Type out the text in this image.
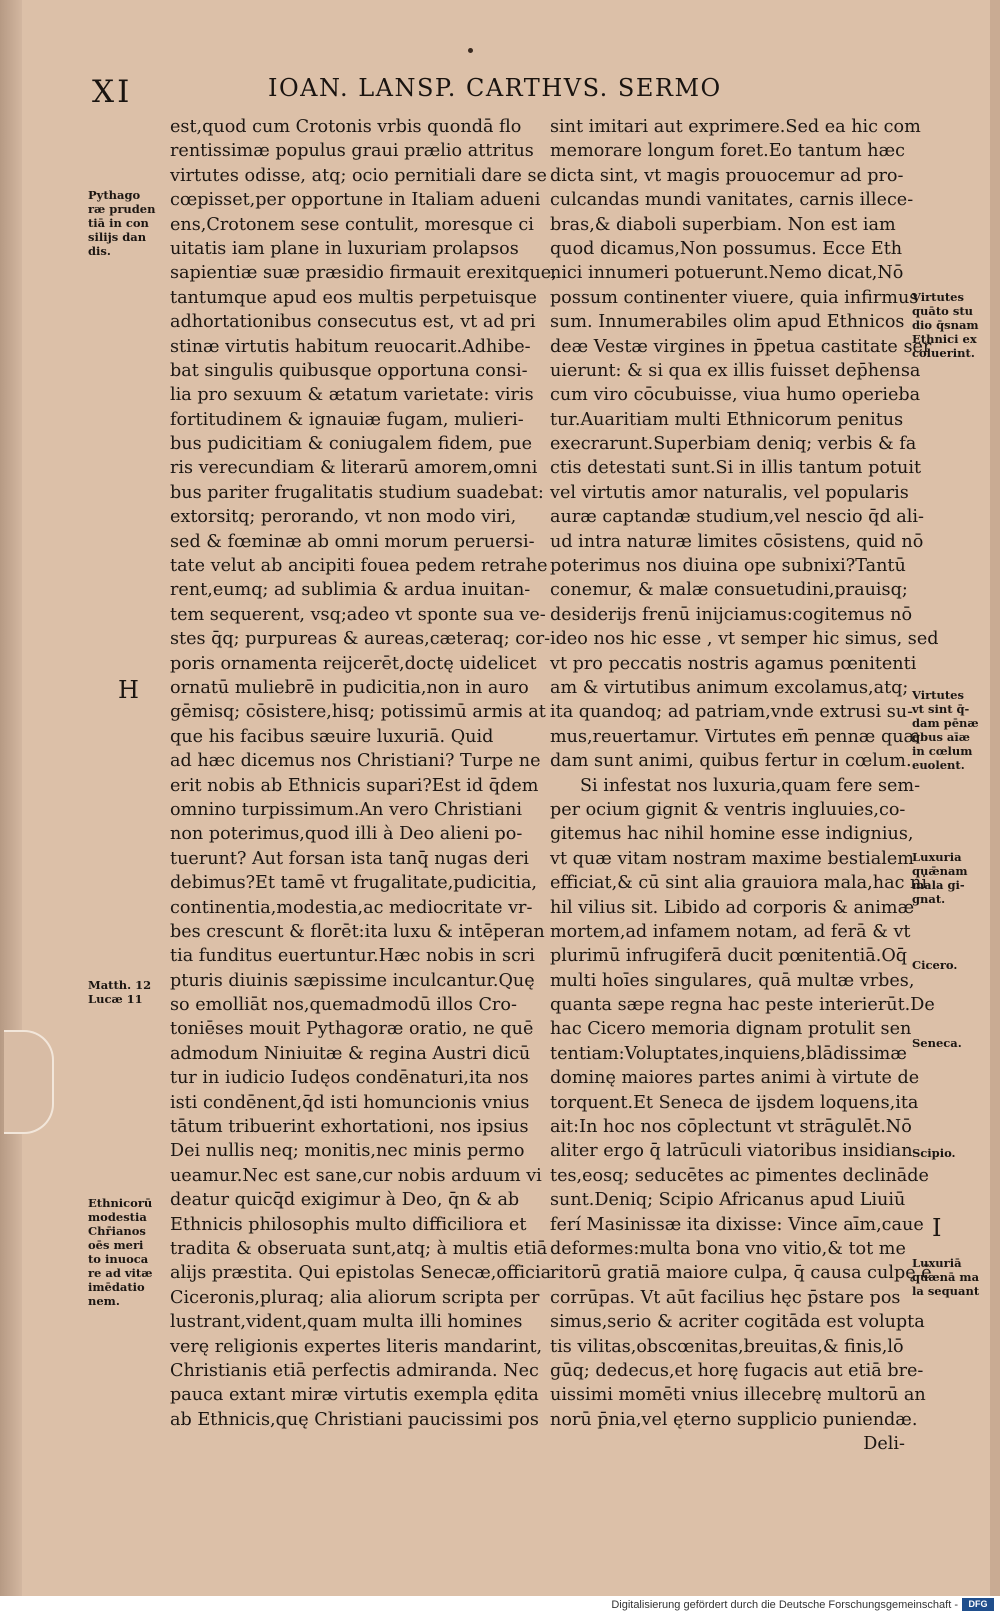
XI	IOAN. LANSP. CARTHVS. SERMO
est,quod cum Crotonis vrbis quondā flo
rentissimæ populus graui prælio attritus
virtutes odisse, atq; ocio pernitiali dare se
cœpisset,per opportune in Italiam adueni
ens,Crotonem sese contulit, moresque ci
uitatis iam plane in luxuriam prolapsos
sapientiæ suæ præsidio firmauit erexitque,
tantumque apud eos multis perpetuisque
adhortationibus consecutus est, vt ad pri
stinæ virtutis habitum reuocarit.Adhibe-
bat singulis quibusque opportuna consi-
lia pro sexuum & ætatum varietate: viris
fortitudinem & ignauiæ fugam, mulieri-
bus pudicitiam & coniugalem fidem, pue
ris verecundiam & literarū amorem,omni
bus pariter frugalitatis studium suadebat:
extorsitq; perorando, vt non modo viri,
sed & fœminæ ab omni morum peruersi-
tate velut ab ancipiti fouea pedem retrahe
rent,eumq; ad sublimia & ardua inuitan-
tem sequerent, vsq;adeo vt sponte sua ve-
stes q̄q; purpureas & aureas,cæteraq; cor-
poris ornamenta reijcerēt,doctę uidelicet
ornatū muliebrē in pudicitia,non in auro
gēmisq; cōsistere,hisq; potissimū armis at
que his facibus sæuire luxuriā. Quid
ad hæc dicemus nos Christiani? Turpe ne
erit nobis ab Ethnicis supari?Est id q̄dem
omnino turpissimum.An vero Christiani
non poterimus,quod illi à Deo alieni po-
tuerunt? Aut forsan ista tanq̄ nugas deri
debimus?Et tamē vt frugalitate,pudicitia,
continentia,modestia,ac mediocritate vr-
bes crescunt & florēt:ita luxu & intēperan
tia funditus euertuntur.Hæc nobis in scri
pturis diuinis sæpissime inculcantur.Quę
so emolliāt nos,quemadmodū illos Cro-
toniēses mouit Pythagoræ oratio, ne quē
admodum Niniuitæ & regina Austri dicū
tur in iudicio Iudęos condēnaturi,ita nos
isti condēnent,q̄d isti homuncionis vnius
tātum tribuerint exhortationi, nos ipsius
Dei nullis neq; monitis,nec minis permo
ueamur.Nec est sane,cur nobis arduum vi
deatur quicq̄d exigimur à Deo, q̄n & ab
Ethnicis philosophis multo difficiliora et
tradita & obseruata sunt,atq; à multis etiā
alijs præstita. Qui epistolas Senecæ,officia
Ciceronis,pluraq; alia aliorum scripta per
lustrant,vident,quam multa illi homines
verę religionis expertes literis mandarint,
Christianis etiā perfectis admiranda. Nec
pauca extant miræ virtutis exempla ędita
ab Ethnicis,quę Christiani paucissimi pos
sint imitari aut exprimere.Sed ea hic com
memorare longum foret.Eo tantum hæc
dicta sint, vt magis prouocemur ad pro-
culcandas mundi vanitates, carnis illece-
bras,& diaboli superbiam. Non est iam
quod dicamus,Non possumus. Ecce Eth
nici innumeri potuerunt.Nemo dicat,Nō
possum continenter viuere, quia infirmus
sum. Innumerabiles olim apud Ethnicos
deæ Vestæ virgines in p̄petua castitate ser
uierunt: & si qua ex illis fuisset dep̄hensa
cum viro cōcubuisse, viua humo operieba
tur.Auaritiam multi Ethnicorum penitus
execrarunt.Superbiam deniq; verbis & fa
ctis detestati sunt.Si in illis tantum potuit
vel virtutis amor naturalis, vel popularis
auræ captandæ studium,vel nescio q̄d ali-
ud intra naturæ limites cōsistens, quid nō
poterimus nos diuina ope subnixi?Tantū
conemur, & malæ consuetudini,prauisq;
desiderijs frenū inijciamus:cogitemus nō
ideo nos hic esse , vt semper hic simus, sed
vt pro peccatis nostris agamus pœnitenti
am & virtutibus animum excolamus,atq;
ita quandoq; ad patriam,vnde extrusi su-
mus,reuertamur. Virtutes em̄ pennæ quæ
dam sunt animi, quibus fertur in cœlum.
Si infestat nos luxuria,quam fere sem-
per ocium gignit & ventris ingluuies,co-
gitemus hac nihil homine esse indignius,
vt quæ vitam nostram maxime bestialem
efficiat,& cū sint alia grauiora mala,hac ni
hil vilius sit. Libido ad corporis & animæ
mortem,ad infamem notam, ad ferā & vt
plurimū infrugiferā ducit pœnitentiā.Oq̄
multi hoīes singulares, quā multæ vrbes,
quanta sæpe regna hac peste interierūt.De
hac Cicero memoria dignam protulit sen
tentiam:Voluptates,inquiens,blādissimæ
dominę maiores partes animi à virtute de
torquent.Et Seneca de ijsdem loquens,ita
ait:In hoc nos cōplectunt vt strāgulēt.Nō
aliter ergo q̄ latrūculi viatoribus insidian
tes,eosq; seducētes ac pimentes declināde
sunt.Deniq; Scipio Africanus apud Liuiū
ferí Masinissæ ita dixisse: Vince aīm,caue
deformes:multa bona vno vitio,& tot me
ritorū gratiā maiore culpa, q̄ causa culpę ē
corrūpas. Vt aūt facilius hęc p̄stare pos
simus,serio & acriter cogitāda est volupta
tis vilitas,obscœnitas,breuitas,& finis,lō
gūq; dedecus,et horę fugacis aut etiā bre-
uissimi momēti vnius illecebrę multorū an
norū p̄nia,vel ęterno supplicio puniendæ.
Deli-
Pythago
ræ pruden
tiā in con
silijs dan
dis.
H
Matth. 12
Lucæ 11
Ethnicorū
modestia
Chr̄ianos
oēs meri
to inuoca
re ad vitæ
imēdatio
nem.
Virtutes
quāto stu
dio q̄snam
Ethnici ex
coluerint.
Virtutes
vt sint q̄-
dam pēnæ
q̄bus aīæ
in cœlum
euolent.
Luxuria
quǣnam
mala gi-
gnat.
Cicero.
Seneca.
Scipio.
I
Luxuriā
quænā ma
la sequant
Digitalisierung gefördert durch die Deutsche Forschungsgemeinschaft -	DFG
